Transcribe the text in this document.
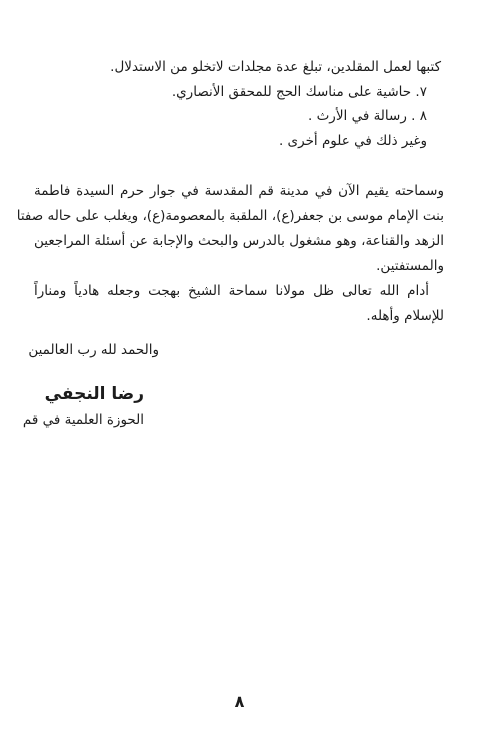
كتبها لعمل المقلدين، تبلغ عدة مجلدات لاتخلو من الاستدلال.

٧. حاشية على مناسك الحج للمحقق الأنصاري.

٨ . رسالة في الأرث .

وغير ذلك في علوم أخرى .

وسماحته يقيم الآن في مدينة قم المقدسة في جوار حرم السيدة فاطمة

بنت الإمام موسى بن جعفر(ع)، الملقبة بالمعصومة(ع)، ويغلب على حاله صفتا

الزهد والقناعة، وهو مشغول بالدرس والبحث والإجابة عن أسئلة المراجعين

والمستفتين.

أدام الله تعالى ظل مولانا سماحة الشيخ بهجت وجعله هادياً ومناراً

للإسلام وأهله.

والحمد لله رب العالمين

رضا النجفي

الحوزة العلمية في قم

٨
